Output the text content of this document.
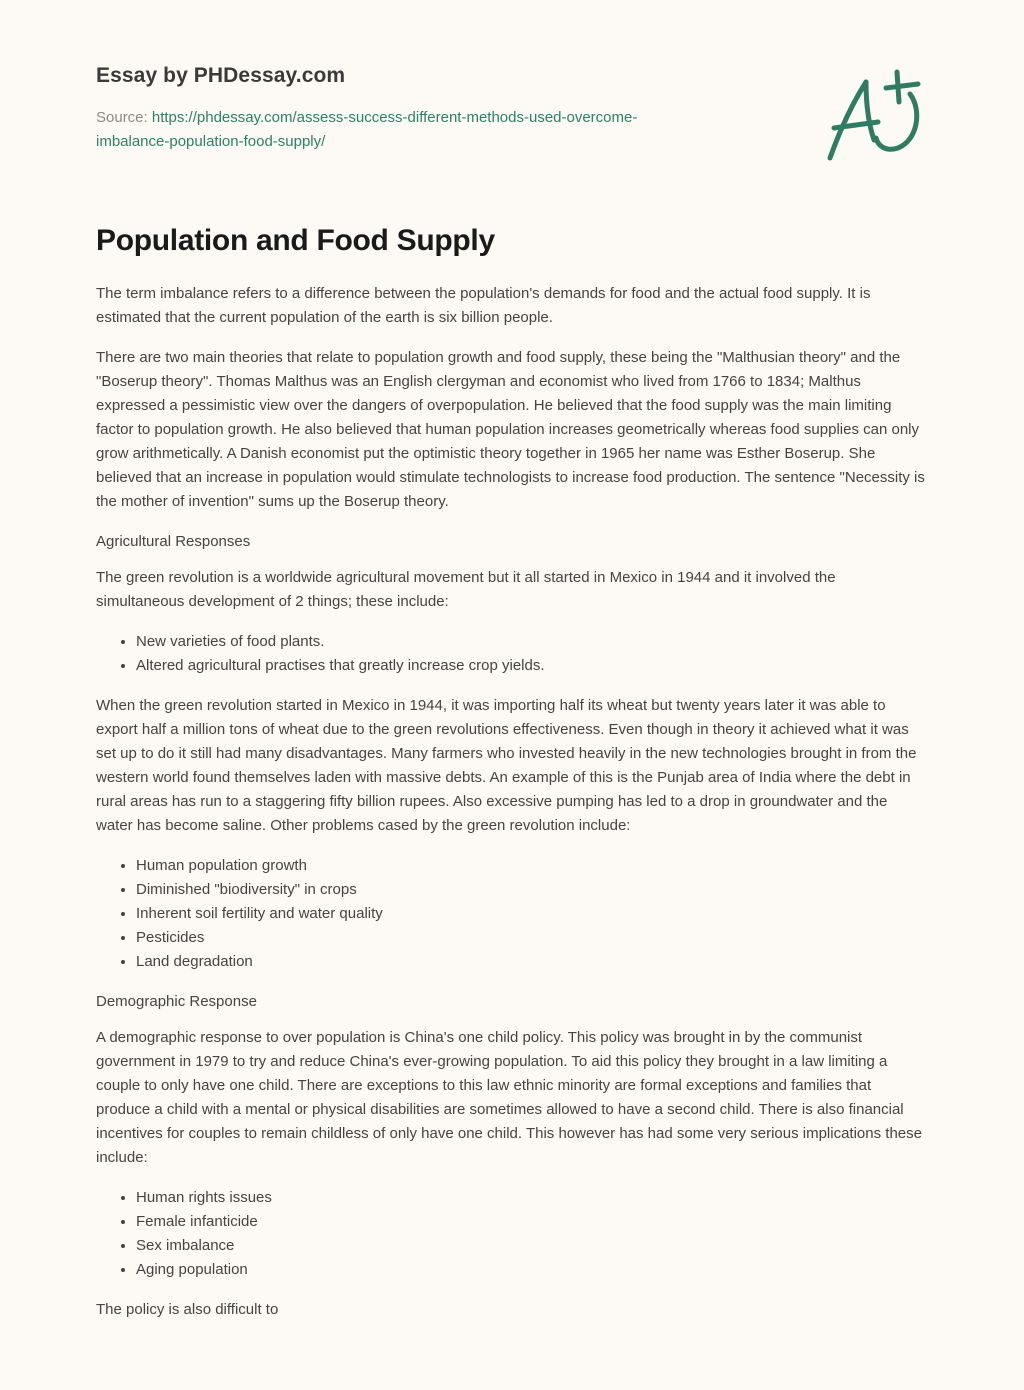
Essay by PHDessay.com
Source: https://phdessay.com/assess-success-different-methods-used-overcome-
imbalance-population-food-supply/
Population and Food Supply

The term imbalance refers to a difference between the population's demands for food and the actual food supply. It is estimated that the current population of the earth is six billion people.

There are two main theories that relate to population growth and food supply, these being the "Malthusian theory" and the "Boserup theory". Thomas Malthus was an English clergyman and economist who lived from 1766 to 1834; Malthus expressed a pessimistic view over the dangers of overpopulation. He believed that the food supply was the main limiting factor to population growth. He also believed that human population increases geometrically whereas food supplies can only grow arithmetically. A Danish economist put the optimistic theory together in 1965 her name was Esther Boserup. She believed that an increase in population would stimulate technologists to increase food production. The sentence "Necessity is the mother of invention" sums up the Boserup theory.

Agricultural Responses

The green revolution is a worldwide agricultural movement but it all started in Mexico in 1944 and it involved the simultaneous development of 2 things; these include:

• New varieties of food plants.
• Altered agricultural practises that greatly increase crop yields.

When the green revolution started in Mexico in 1944, it was importing half its wheat but twenty years later it was able to export half a million tons of wheat due to the green revolutions effectiveness. Even though in theory it achieved what it was set up to do it still had many disadvantages. Many farmers who invested heavily in the new technologies brought in from the western world found themselves laden with massive debts. An example of this is the Punjab area of India where the debt in rural areas has run to a staggering fifty billion rupees. Also excessive pumping has led to a drop in groundwater and the water has become saline. Other problems cased by the green revolution include:

• Human population growth
• Diminished "biodiversity" in crops
• Inherent soil fertility and water quality
• Pesticides
• Land degradation

Demographic Response

A demographic response to over population is China's one child policy. This policy was brought in by the communist government in 1979 to try and reduce China's ever-growing population. To aid this policy they brought in a law limiting a couple to only have one child. There are exceptions to this law ethnic minority are formal exceptions and families that produce a child with a mental or physical disabilities are sometimes allowed to have a second child. There is also financial incentives for couples to remain childless of only have one child. This however has had some very serious implications these include:

• Human rights issues
• Female infanticide
• Sex imbalance
• Aging population

The policy is also difficult to
